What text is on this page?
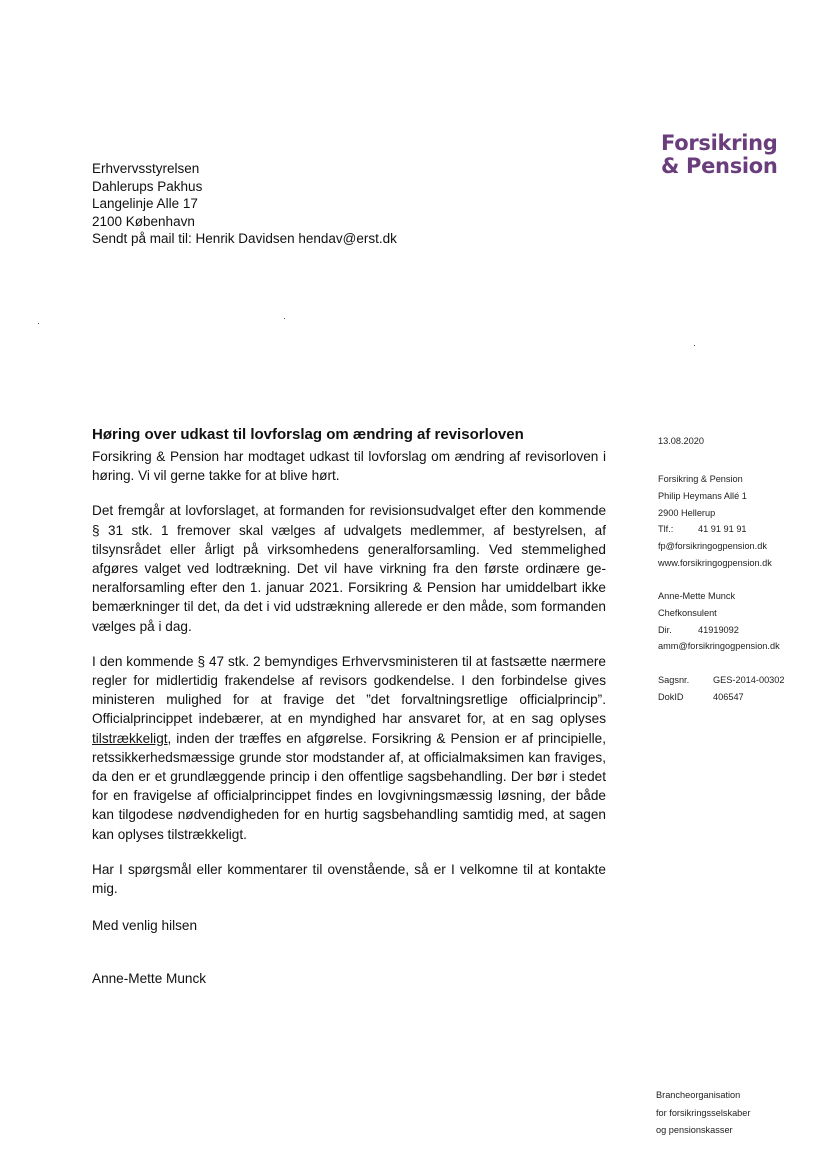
Forsikring
& Pension
Erhvervsstyrelsen
Dahlerups Pakhus
Langelinje Alle 17
2100 København
Sendt på mail til: Henrik Davidsen hendav@erst.dk
Høring over udkast til lovforslag om ændring af revisorloven

Forsikring & Pension har modtaget udkast til lovforslag om ændring af revisorloven i høring. Vi vil gerne takke for at blive hørt.

Det fremgår at lovforslaget, at formanden for revisionsudvalget efter den kommende § 31 stk. 1 fremover skal vælges af udvalgets medlemmer, af bestyrelsen, af tilsynsrådet eller årligt på virksomhedens generalforsamling. Ved stemmelighed afgøres valget ved lodtrækning. Det vil have virkning fra den første ordinære generalforsamling efter den 1. januar 2021. Forsikring & Pension har umiddelbart ikke bemærkninger til det, da det i vid udstrækning allerede er den måde, som formanden vælges på i dag.

I den kommende § 47 stk. 2 bemyndiges Erhvervsministeren til at fastsætte nærmere regler for midlertidig frakendelse af revisors godkendelse. I den forbindelse gives ministeren mulighed for at fravige det ”det forvaltningsretlige officialprincip”. Officialprincippet indebærer, at en myndighed har ansvaret for, at en sag oplyses tilstrækkeligt, inden der træffes en afgørelse. Forsikring & Pension er af principielle, retssikkerhedsmæssige grunde stor modstander af, at officialmaksimen kan fraviges, da den er et grundlæggende princip i den offentlige sagsbehandling. Der bør i stedet for en fravigelse af officialprincippet findes en lovgivningsmæssig løsning, der både kan tilgodese nødvendigheden for en hurtig sagsbehandling samtidig med, at sagen kan oplyses tilstrækkeligt.

Har I spørgsmål eller kommentarer til ovenstående, så er I velkomne til at kontakte mig.

Med venlig hilsen
Anne-Mette Munck
13.08.2020
Forsikring & Pension
Philip Heymans Allé 1
2900 Hellerup
Tlf.:	41 91 91 91
fp@forsikringogpension.dk
www.forsikringogpension.dk
Anne-Mette Munck
Chefkonsulent
Dir.	41919092
amm@forsikringogpension.dk
Sagsnr.	GES-2014-00302
DokID	406547
Brancheorganisation
for forsikringsselskaber
og pensionskasser
